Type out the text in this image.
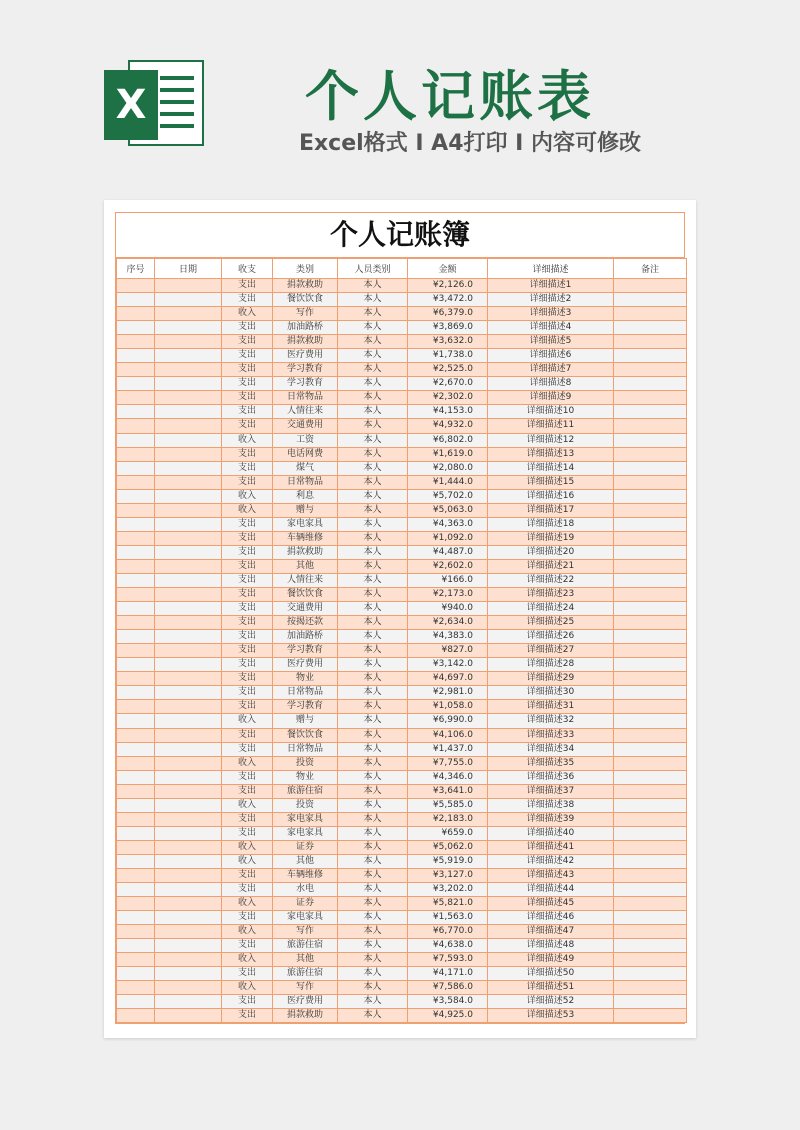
X	个人记账表
Excel格式 I A4打印 I 内容可修改
个人记账簿
序号	日期	收支	类别	人员类别	金额	详细描述	备注
		支出	捐款救助	本人	¥2,126.0	详细描述1	
		支出	餐饮饮食	本人	¥3,472.0	详细描述2	
		收入	写作	本人	¥6,379.0	详细描述3	
		支出	加油路桥	本人	¥3,869.0	详细描述4	
		支出	捐款救助	本人	¥3,632.0	详细描述5	
		支出	医疗费用	本人	¥1,738.0	详细描述6	
		支出	学习教育	本人	¥2,525.0	详细描述7	
		支出	学习教育	本人	¥2,670.0	详细描述8	
		支出	日常物品	本人	¥2,302.0	详细描述9	
		支出	人情往来	本人	¥4,153.0	详细描述10	
		支出	交通费用	本人	¥4,932.0	详细描述11	
		收入	工资	本人	¥6,802.0	详细描述12	
		支出	电话网费	本人	¥1,619.0	详细描述13	
		支出	煤气	本人	¥2,080.0	详细描述14	
		支出	日常物品	本人	¥1,444.0	详细描述15	
		收入	利息	本人	¥5,702.0	详细描述16	
		收入	赠与	本人	¥5,063.0	详细描述17	
		支出	家电家具	本人	¥4,363.0	详细描述18	
		支出	车辆维修	本人	¥1,092.0	详细描述19	
		支出	捐款救助	本人	¥4,487.0	详细描述20	
		支出	其他	本人	¥2,602.0	详细描述21	
		支出	人情往来	本人	¥166.0	详细描述22	
		支出	餐饮饮食	本人	¥2,173.0	详细描述23	
		支出	交通费用	本人	¥940.0	详细描述24	
		支出	按揭还款	本人	¥2,634.0	详细描述25	
		支出	加油路桥	本人	¥4,383.0	详细描述26	
		支出	学习教育	本人	¥827.0	详细描述27	
		支出	医疗费用	本人	¥3,142.0	详细描述28	
		支出	物业	本人	¥4,697.0	详细描述29	
		支出	日常物品	本人	¥2,981.0	详细描述30	
		支出	学习教育	本人	¥1,058.0	详细描述31	
		收入	赠与	本人	¥6,990.0	详细描述32	
		支出	餐饮饮食	本人	¥4,106.0	详细描述33	
		支出	日常物品	本人	¥1,437.0	详细描述34	
		收入	投资	本人	¥7,755.0	详细描述35	
		支出	物业	本人	¥4,346.0	详细描述36	
		支出	旅游住宿	本人	¥3,641.0	详细描述37	
		收入	投资	本人	¥5,585.0	详细描述38	
		支出	家电家具	本人	¥2,183.0	详细描述39	
		支出	家电家具	本人	¥659.0	详细描述40	
		收入	证券	本人	¥5,062.0	详细描述41	
		收入	其他	本人	¥5,919.0	详细描述42	
		支出	车辆维修	本人	¥3,127.0	详细描述43	
		支出	水电	本人	¥3,202.0	详细描述44	
		收入	证券	本人	¥5,821.0	详细描述45	
		支出	家电家具	本人	¥1,563.0	详细描述46	
		收入	写作	本人	¥6,770.0	详细描述47	
		支出	旅游住宿	本人	¥4,638.0	详细描述48	
		收入	其他	本人	¥7,593.0	详细描述49	
		支出	旅游住宿	本人	¥4,171.0	详细描述50	
		收入	写作	本人	¥7,586.0	详细描述51	
		支出	医疗费用	本人	¥3,584.0	详细描述52	
		支出	捐款救助	本人	¥4,925.0	详细描述53	
